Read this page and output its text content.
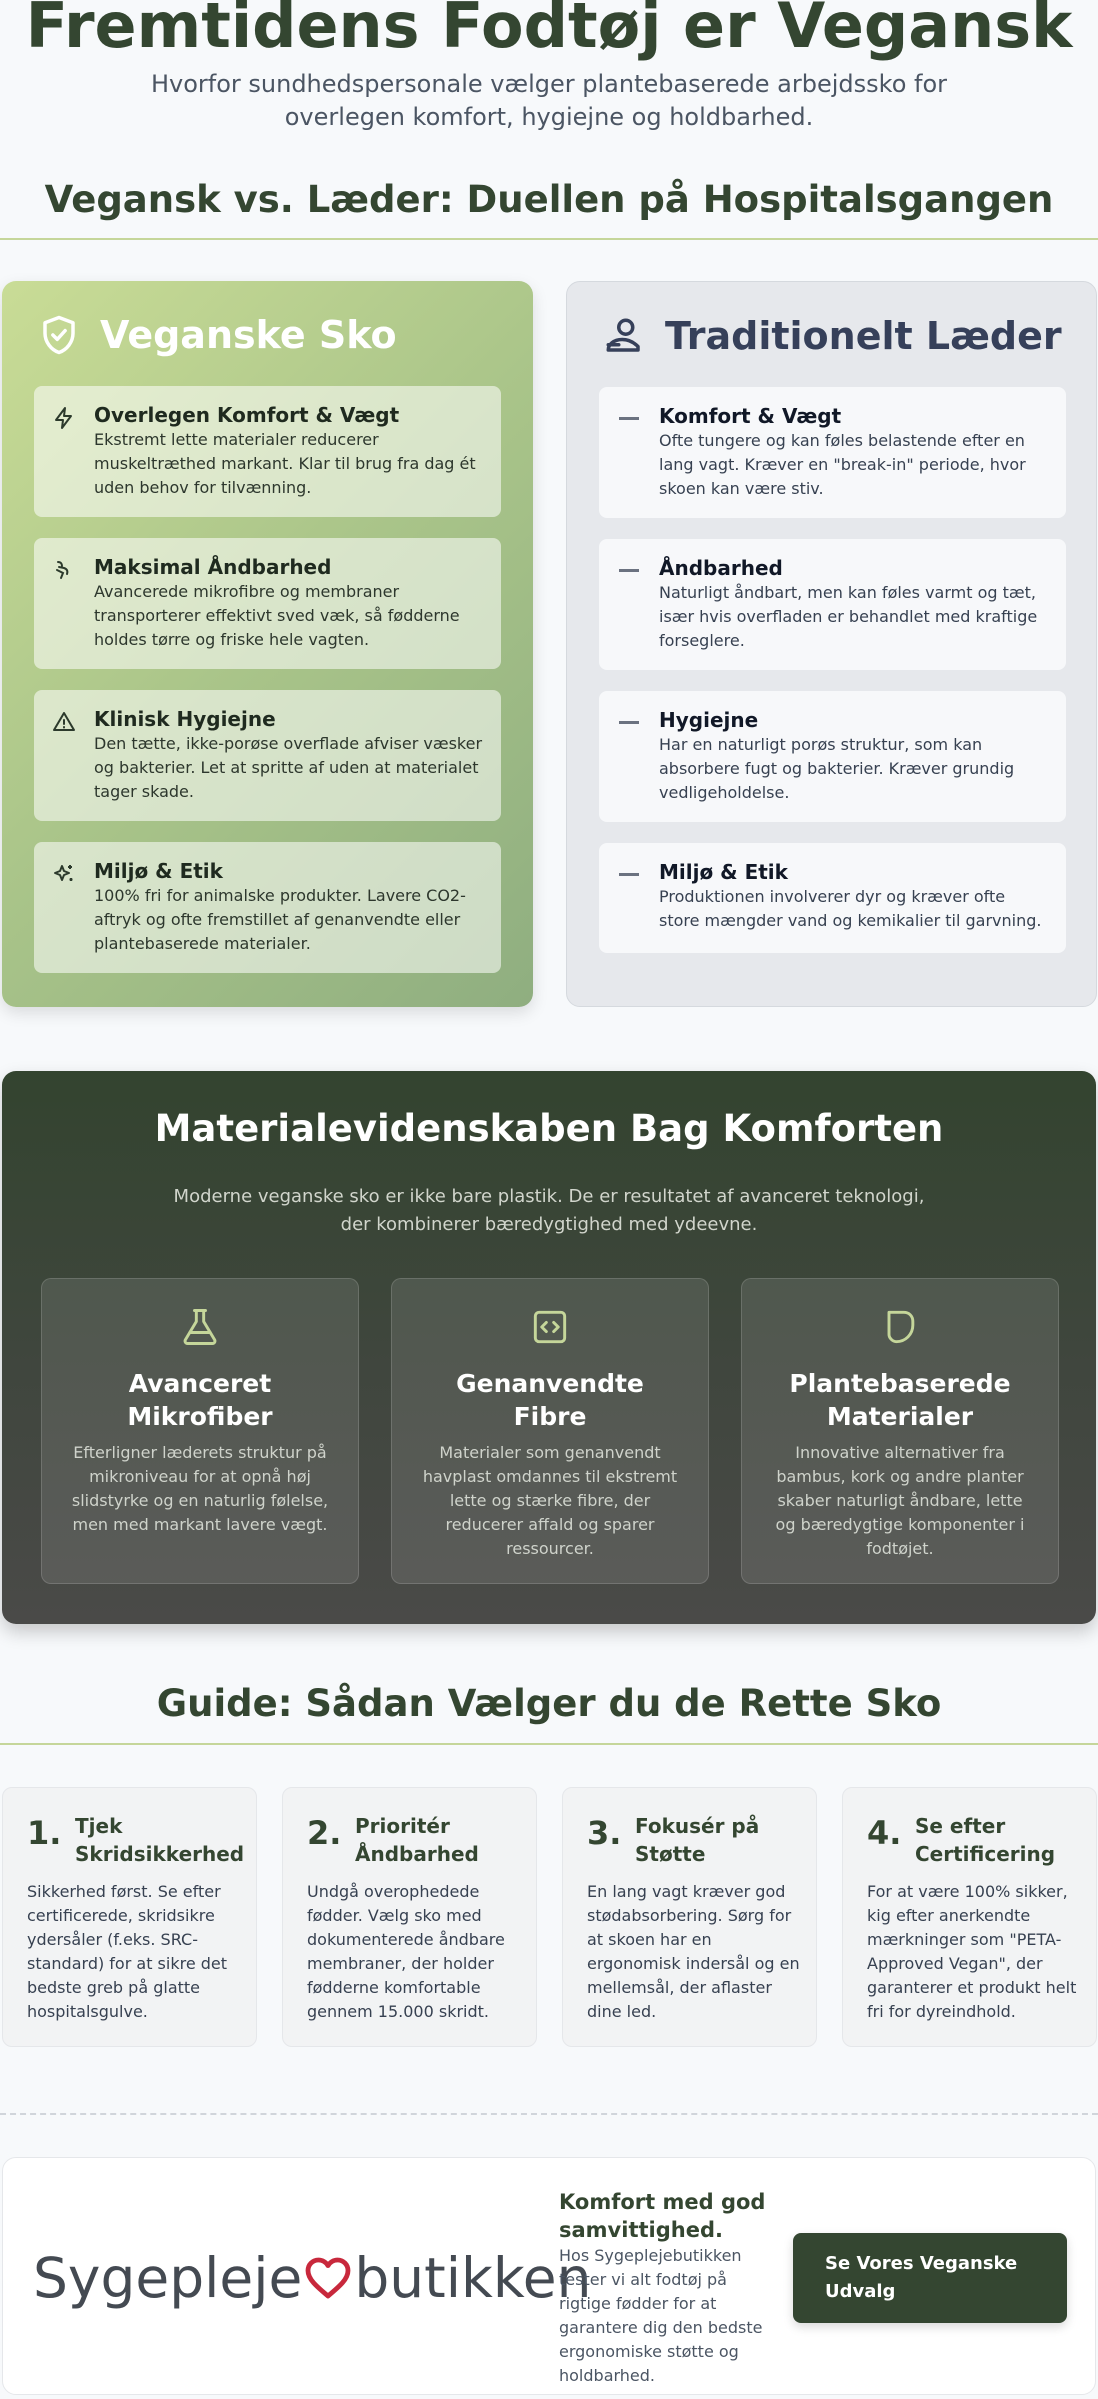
Fremtidens Fodtøj er Vegansk

Hvorfor sundhedspersonale vælger plantebaserede arbejdssko for overlegen komfort, hygiejne og holdbarhed.

Vegansk vs. Læder: Duellen på Hospitalsgangen
Veganske Sko
Overlegen Komfort & Vægt
Ekstremt lette materialer reducerer muskeltræthed markant. Klar til brug fra dag ét uden behov for tilvænning.
Maksimal Åndbarhed
Avancerede mikrofibre og membraner transporterer effektivt sved væk, så fødderne holdes tørre og friske hele vagten.
Klinisk Hygiejne
Den tætte, ikke-porøse overflade afviser væsker og bakterier. Let at spritte af uden at materialet tager skade.
Miljø & Etik
100% fri for animalske produkter. Lavere CO2-aftryk og ofte fremstillet af genanvendte eller plantebaserede materialer.
Traditionelt Læder
Komfort & Vægt
Ofte tungere og kan føles belastende efter en lang vagt. Kræver en "break-in" periode, hvor skoen kan være stiv.
Åndbarhed
Naturligt åndbart, men kan føles varmt og tæt, især hvis overfladen er behandlet med kraftige forseglere.
Hygiejne
Har en naturligt porøs struktur, som kan absorbere fugt og bakterier. Kræver grundig vedligeholdelse.
Miljø & Etik
Produktionen involverer dyr og kræver ofte store mængder vand og kemikalier til garvning.
Materialevidenskaben Bag Komforten

Moderne veganske sko er ikke bare plastik. De er resultatet af avanceret teknologi, der kombinerer bæredygtighed med ydeevne.

Avanceret Mikrofiber
Efterligner læderets struktur på mikroniveau for at opnå høj slidstyrke og en naturlig følelse, men med markant lavere vægt.
Genanvendte Fibre
Materialer som genanvendt havplast omdannes til ekstremt lette og stærke fibre, der reducerer affald og sparer ressourcer.
Plantebaserede Materialer
Innovative alternativer fra bambus, kork og andre planter skaber naturligt åndbare, lette og bæredygtige komponenter i fodtøjet.
Guide: Sådan Vælger du de Rette Sko
1. Tjek Skridsikkerhed
Sikkerhed først. Se efter certificerede, skridsikre ydersåler (f.eks. SRC-standard) for at sikre det bedste greb på glatte hospitalsgulve.
2. Prioritér Åndbarhed
Undgå overophedede fødder. Vælg sko med dokumenterede åndbare membraner, der holder fødderne komfortable gennem 15.000 skridt.
3. Fokusér på Støtte
En lang vagt kræver god stødabsorbering. Sørg for at skoen har en ergonomisk indersål og en mellemsål, der aflaster dine led.
4. Se efter Certificering
For at være 100% sikker, kig efter anerkendte mærkninger som "PETA-Approved Vegan", der garanterer et produkt helt fri for dyreindhold.
Sygepleje butikken
Komfort med god samvittighed.
Hos Sygeplejebutikken tester vi alt fodtøj på rigtige fødder for at garantere dig den bedste ergonomiske støtte og holdbarhed.
Se Vores Veganske Udvalg
